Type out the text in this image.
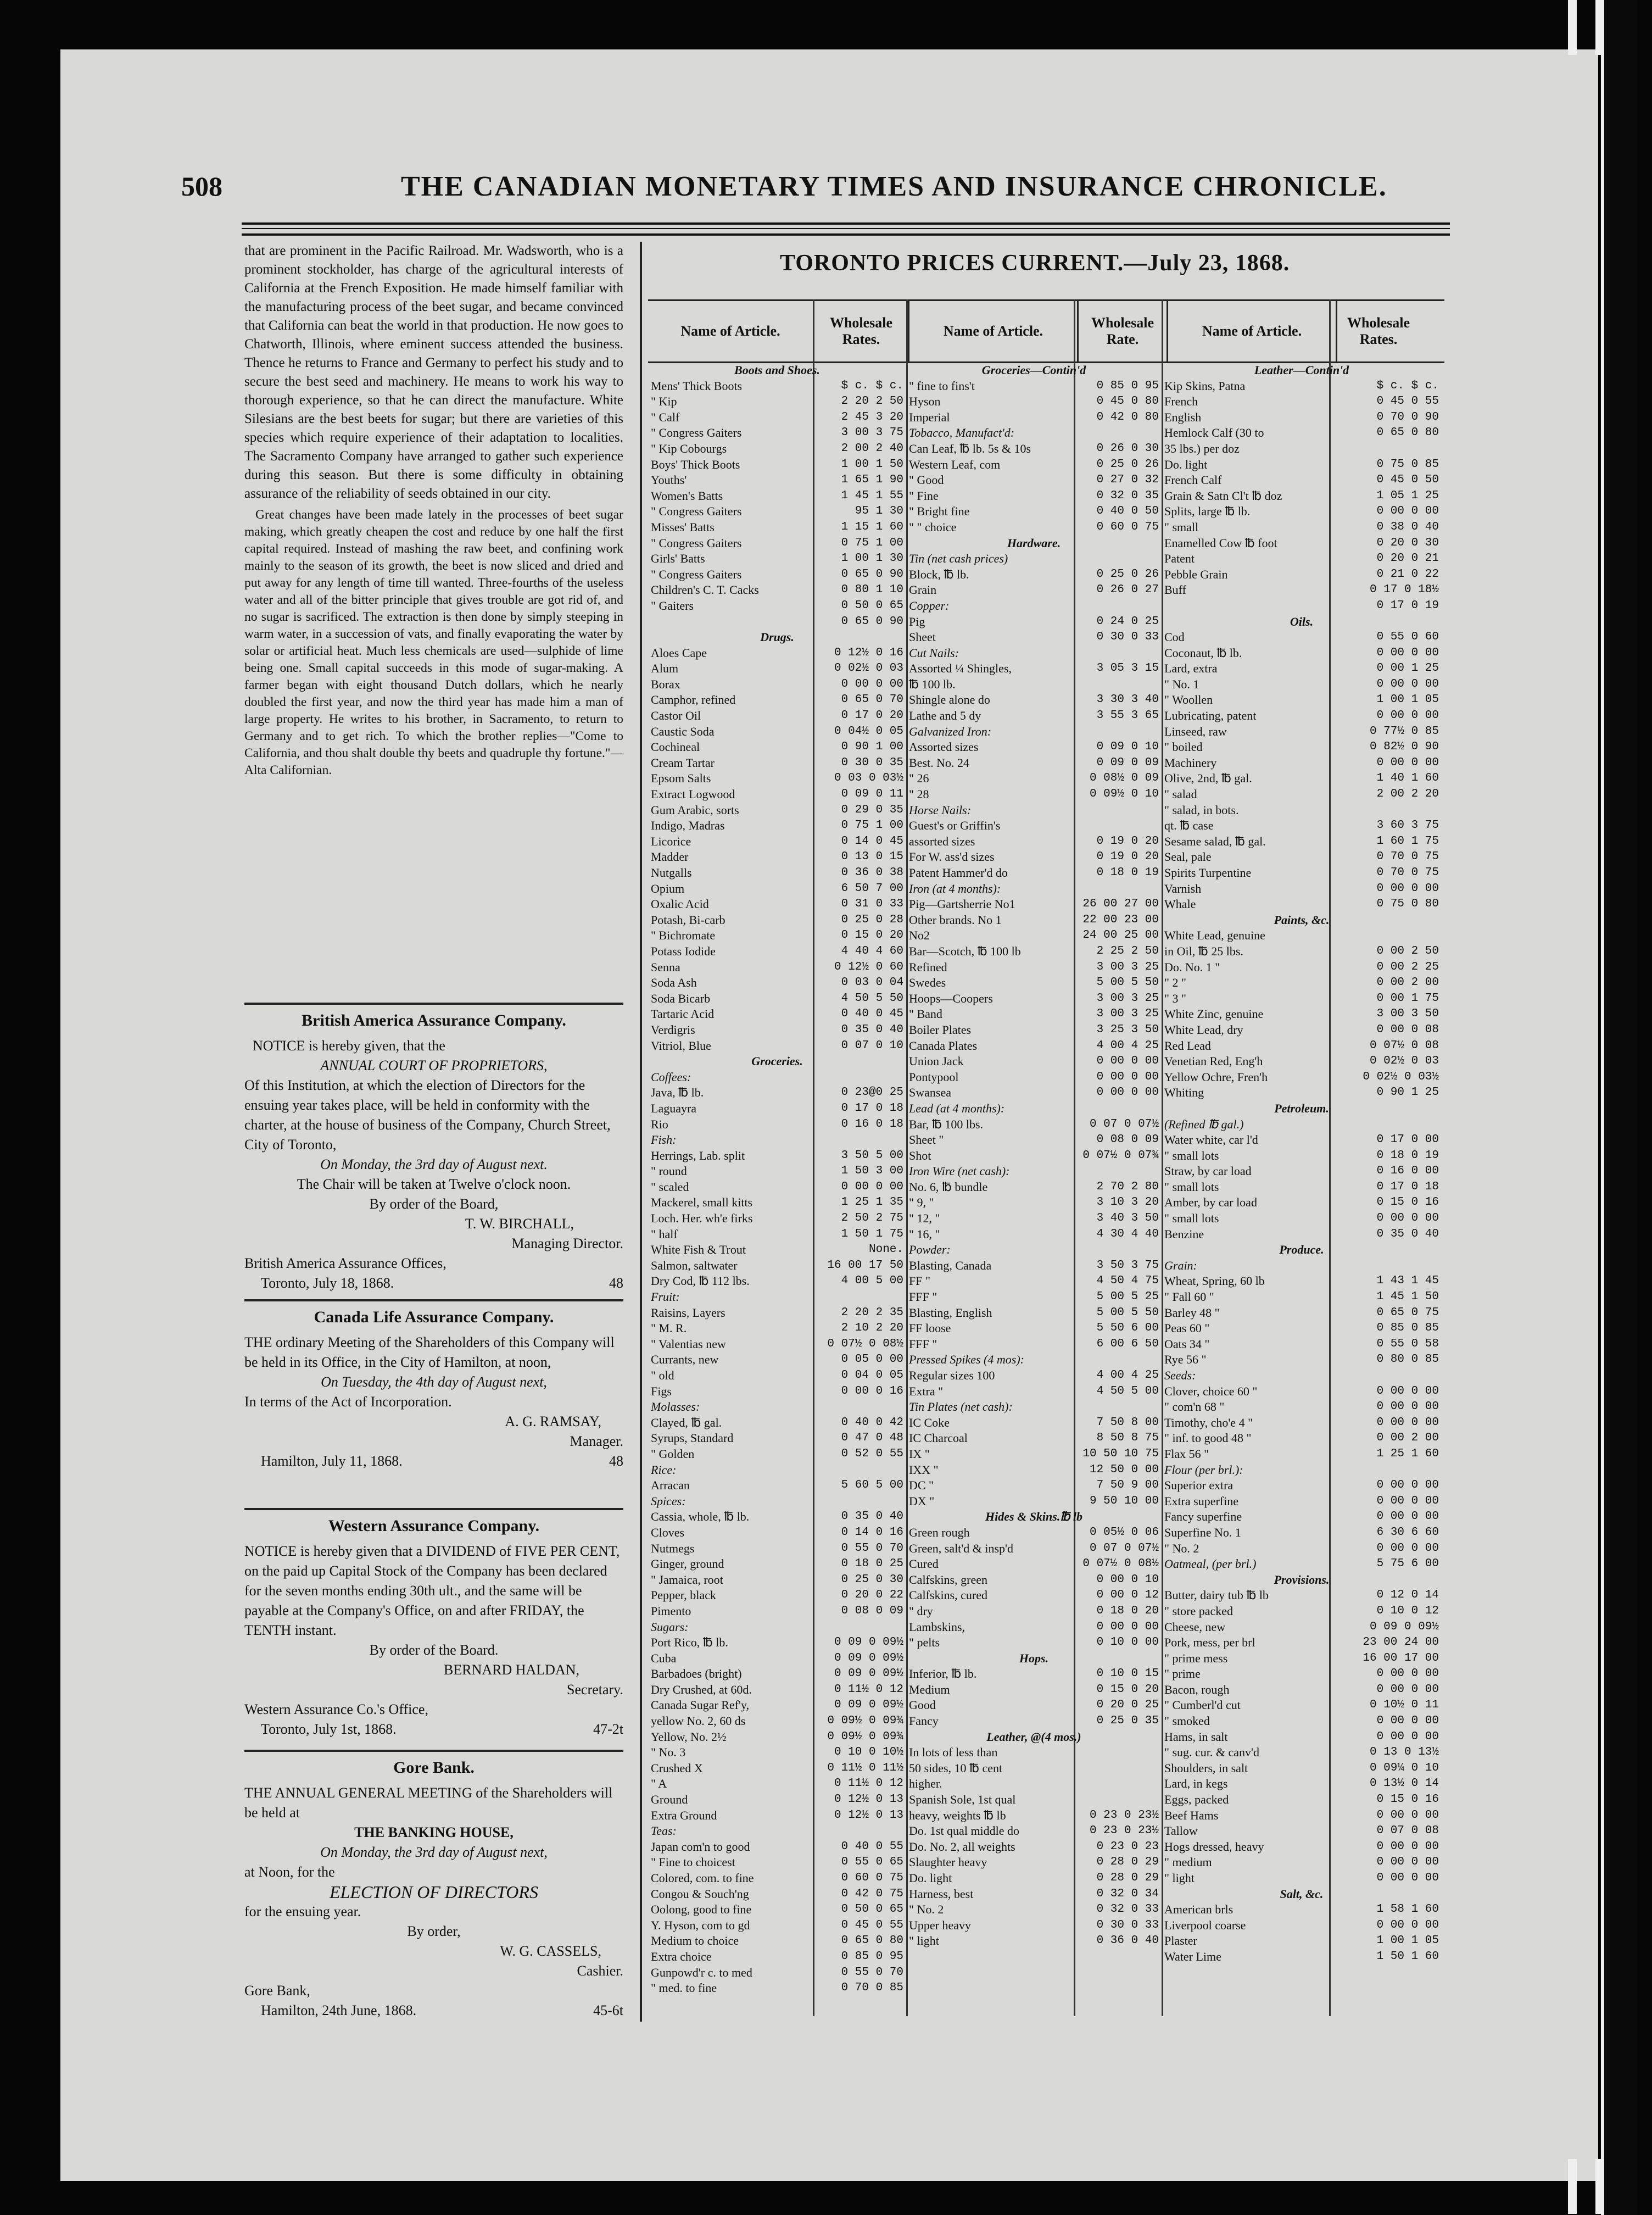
508	THE CANADIAN MONETARY TIMES AND INSURANCE CHRONICLE.

that are prominent in the Pacific Railroad. Mr. Wadsworth, who is a prominent stockholder, has charge of the agricultural interests of California at the French Exposition. He made himself familiar with the manufacturing process of the beet sugar, and became convinced that California can beat the world in that production. He now goes to Chatworth, Illinois, where eminent success attended the business. Thence he returns to France and Germany to perfect his study and to secure the best seed and machinery. He means to work his way to thorough experience, so that he can direct the manufacture. White Silesians are the best beets for sugar; but there are varieties of this species which require experience of their adaptation to localities. The Sacramento Company have arranged to gather such experience during this season. But there is some difficulty in obtaining assurance of the reliability of seeds obtained in our city.

Great changes have been made lately in the processes of beet sugar making, which greatly cheapen the cost and reduce by one half the first capital required. Instead of mashing the raw beet, and confining work mainly to the season of its growth, the beet is now sliced and dried and put away for any length of time till wanted. Three-fourths of the useless water and all of the bitter principle that gives trouble are got rid of, and no sugar is sacrificed. The extraction is then done by simply steeping in warm water, in a succession of vats, and finally evaporating the water by solar or artificial heat. Much less chemicals are used—sulphide of lime being one. Small capital succeeds in this mode of sugar-making. A farmer began with eight thousand Dutch dollars, which he nearly doubled the first year, and now the third year has made him a man of large property. He writes to his brother, in Sacramento, to return to Germany and to get rich. To which the brother replies—"Come to California, and thou shalt double thy beets and quadruple thy fortune."—Alta Californian.

British America Assurance Company.
NOTICE is hereby given, that the
ANNUAL COURT OF PROPRIETORS,
Of this Institution, at which the election of Directors for the ensuing year takes place, will be held in conformity with the charter, at the house of business of the Company, Church Street, City of Toronto,
On Monday, the 3rd day of August next.
The Chair will be taken at Twelve o'clock noon.
By order of the Board,
T. W. BIRCHALL,
Managing Director.
British America Assurance Offices,
Toronto, July 18, 1868.	48
Canada Life Assurance Company.
THE ordinary Meeting of the Shareholders of this Company will be held in its Office, in the City of Hamilton, at noon,
On Tuesday, the 4th day of August next,
In terms of the Act of Incorporation.
A. G. RAMSAY,
Manager.
Hamilton, July 11, 1868.	48
Western Assurance Company.
NOTICE is hereby given that a DIVIDEND of FIVE PER CENT, on the paid up Capital Stock of the Company has been declared for the seven months ending 30th ult., and the same will be payable at the Company's Office, on and after FRIDAY, the TENTH instant.
By order of the Board.
BERNARD HALDAN,
Secretary.
Western Assurance Co.'s Office,
Toronto, July 1st, 1868.	47-2t
Gore Bank.
THE ANNUAL GENERAL MEETING of the Shareholders will be held at
THE BANKING HOUSE,
On Monday, the 3rd day of August next,
at Noon, for the
ELECTION OF DIRECTORS
for the ensuing year.
By order,
W. G. CASSELS,
Cashier.
Gore Bank,
Hamilton, 24th June, 1868.	45-6t
TORONTO PRICES CURRENT.—July 23, 1868.
Name of Article.
Wholesale Rates.
Name of Article.
Wholesale Rate.
Name of Article.
Wholesale Rates.
Boots and Shoes.
Mens' Thick Boots	$ c. $ c.
" Kip	2 20 2 50
" Calf	2 45 3 20
" Congress Gaiters	3 00 3 75
" Kip Cobourgs	2 00 2 40
Boys' Thick Boots	1 00 1 50
Youths'	1 65 1 90
Women's Batts	1 45 1 55
" Congress Gaiters	95 1 30
Misses' Batts	1 15 1 60
" Congress Gaiters	0 75 1 00
Girls' Batts	1 00 1 30
" Congress Gaiters	0 65 0 90
Children's C. T. Cacks	0 80 1 10
" Gaiters	0 50 0 65
0 65 0 90
Drugs.
Aloes Cape	0 12½ 0 16
Alum	0 02½ 0 03
Borax	0 00 0 00
Camphor, refined	0 65 0 70
Castor Oil	0 17 0 20
Caustic Soda	0 04½ 0 05
Cochineal	0 90 1 00
Cream Tartar	0 30 0 35
Epsom Salts	0 03 0 03½
Extract Logwood	0 09 0 11
Gum Arabic, sorts	0 29 0 35
Indigo, Madras	0 75 1 00
Licorice	0 14 0 45
Madder	0 13 0 15
Nutgalls	0 36 0 38
Opium	6 50 7 00
Oxalic Acid	0 31 0 33
Potash, Bi-carb	0 25 0 28
" Bichromate	0 15 0 20
Potass Iodide	4 40 4 60
Senna	0 12½ 0 60
Soda Ash	0 03 0 04
Soda Bicarb	4 50 5 50
Tartaric Acid	0 40 0 45
Verdigris	0 35 0 40
Vitriol, Blue	0 07 0 10
Groceries.
Coffees:
Java, ℔ lb.	0 23@0 25
Laguayra	0 17 0 18
Rio	0 16 0 18
Fish:
Herrings, Lab. split	3 50 5 00
" round	1 50 3 00
" scaled	0 00 0 00
Mackerel, small kitts	1 25 1 35
Loch. Her. wh'e firks	2 50 2 75
" half	1 50 1 75
White Fish & Trout	None.
Salmon, saltwater	16 00 17 50
Dry Cod, ℔ 112 lbs.	4 00 5 00
Fruit:
Raisins, Layers	2 20 2 35
" M. R.	2 10 2 20
" Valentias new	0 07½ 0 08½
Currants, new	0 05 0 00
" old	0 04 0 05
Figs	0 00 0 16
Molasses:
Clayed, ℔ gal.	0 40 0 42
Syrups, Standard	0 47 0 48
" Golden	0 52 0 55
Rice:
Arracan	5 60 5 00
Spices:
Cassia, whole, ℔ lb.	0 35 0 40
Cloves	0 14 0 16
Nutmegs	0 55 0 70
Ginger, ground	0 18 0 25
" Jamaica, root	0 25 0 30
Pepper, black	0 20 0 22
Pimento	0 08 0 09
Sugars:
Port Rico, ℔ lb.	0 09 0 09½
Cuba	0 09 0 09½
Barbadoes (bright)	0 09 0 09½
Dry Crushed, at 60d.	0 11½ 0 12
Canada Sugar Ref'y,	0 09 0 09½
yellow No. 2, 60 ds	0 09½ 0 09¾
Yellow, No. 2½	0 09½ 0 09¾
" No. 3	0 10 0 10½
Crushed X	0 11½ 0 11½
" A	0 11½ 0 12
Ground	0 12½ 0 13
Extra Ground	0 12½ 0 13
Teas:
Japan com'n to good	0 40 0 55
" Fine to choicest	0 55 0 65
Colored, com. to fine	0 60 0 75
Congou & Souch'ng	0 42 0 75
Oolong, good to fine	0 50 0 65
Y. Hyson, com to gd	0 45 0 55
Medium to choice	0 65 0 80
Extra choice	0 85 0 95
Gunpowd'r c. to med	0 55 0 70
" med. to fine	0 70 0 85
Groceries—Contin'd
" fine to fins't	0 85 0 95
Hyson	0 45 0 80
Imperial	0 42 0 80
Tobacco, Manufact'd:
Can Leaf, ℔ lb. 5s & 10s	0 26 0 30
Western Leaf, com	0 25 0 26
" Good	0 27 0 32
" Fine	0 32 0 35
" Bright fine	0 40 0 50
" " choice	0 60 0 75
Hardware.
Tin (net cash prices)
Block, ℔ lb.	0 25 0 26
Grain	0 26 0 27
Copper:
Pig	0 24 0 25
Sheet	0 30 0 33
Cut Nails:
Assorted ¼ Shingles,	3 05 3 15
℔ 100 lb.
Shingle alone do	3 30 3 40
Lathe and 5 dy	3 55 3 65
Galvanized Iron:
Assorted sizes	0 09 0 10
Best. No. 24	0 09 0 09
" 26	0 08½ 0 09
" 28	0 09½ 0 10
Horse Nails:
Guest's or Griffin's
assorted sizes	0 19 0 20
For W. ass'd sizes	0 19 0 20
Patent Hammer'd do	0 18 0 19
Iron (at 4 months):
Pig—Gartsherrie No1	26 00 27 00
Other brands. No 1	22 00 23 00
No2	24 00 25 00
Bar—Scotch, ℔ 100 lb	2 25 2 50
Refined	3 00 3 25
Swedes	5 00 5 50
Hoops—Coopers	3 00 3 25
" Band	3 00 3 25
Boiler Plates	3 25 3 50
Canada Plates	4 00 4 25
Union Jack	0 00 0 00
Pontypool	0 00 0 00
Swansea	0 00 0 00
Lead (at 4 months):
Bar, ℔ 100 lbs.	0 07 0 07½
Sheet "	0 08 0 09
Shot	0 07½ 0 07¾
Iron Wire (net cash):
No. 6, ℔ bundle	2 70 2 80
" 9, "	3 10 3 20
" 12, "	3 40 3 50
" 16, "	4 30 4 40
Powder:
Blasting, Canada	3 50 3 75
FF "	4 50 4 75
FFF "	5 00 5 25
Blasting, English	5 00 5 50
FF loose	5 50 6 00
FFF "	6 00 6 50
Pressed Spikes (4 mos):
Regular sizes 100	4 00 4 25
Extra "	4 50 5 00
Tin Plates (net cash):
IC Coke	7 50 8 00
IC Charcoal	8 50 8 75
IX "	10 50 10 75
IXX "	12 50 0 00
DC "	7 50 9 00
DX "	9 50 10 00
Hides & Skins.℔ lb
Green rough	0 05½ 0 06
Green, salt'd & insp'd	0 07 0 07½
Cured	0 07½ 0 08½
Calfskins, green	0 00 0 10
Calfskins, cured	0 00 0 12
" dry	0 18 0 20
Lambskins,	0 00 0 00
" pelts	0 10 0 00
Hops.
Inferior, ℔ lb.	0 10 0 15
Medium	0 15 0 20
Good	0 20 0 25
Fancy	0 25 0 35
Leather, @(4 mos.)
In lots of less than
50 sides, 10 ℔ cent
higher.
Spanish Sole, 1st qual
heavy, weights ℔ lb	0 23 0 23½
Do. 1st qual middle do	0 23 0 23½
Do. No. 2, all weights	0 23 0 23
Slaughter heavy	0 28 0 29
Do. light	0 28 0 29
Harness, best	0 32 0 34
" No. 2	0 32 0 33
Upper heavy	0 30 0 33
" light	0 36 0 40
Leather—Contin'd
Kip Skins, Patna	$ c. $ c.
French	0 45 0 55
English	0 70 0 90
Hemlock Calf (30 to	0 65 0 80
35 lbs.) per doz
Do. light	0 75 0 85
French Calf	0 45 0 50
Grain & Satn Cl't ℔ doz	1 05 1 25
Splits, large ℔ lb.	0 00 0 00
" small	0 38 0 40
Enamelled Cow ℔ foot	0 20 0 30
Patent	0 20 0 21
Pebble Grain	0 21 0 22
Buff	0 17 0 18½
0 17 0 19
Oils.
Cod	0 55 0 60
Coconaut, ℔ lb.	0 00 0 00
Lard, extra	0 00 1 25
" No. 1	0 00 0 00
" Woollen	1 00 1 05
Lubricating, patent	0 00 0 00
Linseed, raw	0 77½ 0 85
" boiled	0 82½ 0 90
Machinery	0 00 0 00
Olive, 2nd, ℔ gal.	1 40 1 60
" salad	2 00 2 20
" salad, in bots.
qt. ℔ case	3 60 3 75
Sesame salad, ℔ gal.	1 60 1 75
Seal, pale	0 70 0 75
Spirits Turpentine	0 70 0 75
Varnish	0 00 0 00
Whale	0 75 0 80
Paints, &c.
White Lead, genuine
in Oil, ℔ 25 lbs.	0 00 2 50
Do. No. 1 "	0 00 2 25
" 2 "	0 00 2 00
" 3 "	0 00 1 75
White Zinc, genuine	3 00 3 50
White Lead, dry	0 00 0 08
Red Lead	0 07½ 0 08
Venetian Red, Eng'h	0 02½ 0 03
Yellow Ochre, Fren'h	0 02½ 0 03½
Whiting	0 90 1 25
Petroleum.
(Refined ℔ gal.)
Water white, car l'd	0 17 0 00
" small lots	0 18 0 19
Straw, by car load	0 16 0 00
" small lots	0 17 0 18
Amber, by car load	0 15 0 16
" small lots	0 00 0 00
Benzine	0 35 0 40
Produce.
Grain:
Wheat, Spring, 60 lb	1 43 1 45
" Fall 60 "	1 45 1 50
Barley 48 "	0 65 0 75
Peas 60 "	0 85 0 85
Oats 34 "	0 55 0 58
Rye 56 "	0 80 0 85
Seeds:
Clover, choice 60 "	0 00 0 00
" com'n 68 "	0 00 0 00
Timothy, cho'e 4 "	0 00 0 00
" inf. to good 48 "	0 00 2 00
Flax 56 "	1 25 1 60
Flour (per brl.):
Superior extra	0 00 0 00
Extra superfine	0 00 0 00
Fancy superfine	0 00 0 00
Superfine No. 1	6 30 6 60
" No. 2	0 00 0 00
Oatmeal, (per brl.)	5 75 6 00
Provisions.
Butter, dairy tub ℔ lb	0 12 0 14
" store packed	0 10 0 12
Cheese, new	0 09 0 09½
Pork, mess, per brl	23 00 24 00
" prime mess	16 00 17 00
" prime	0 00 0 00
Bacon, rough	0 00 0 00
" Cumberl'd cut	0 10½ 0 11
" smoked	0 00 0 00
Hams, in salt	0 00 0 00
" sug. cur. & canv'd	0 13 0 13½
Shoulders, in salt	0 09¼ 0 10
Lard, in kegs	0 13½ 0 14
Eggs, packed	0 15 0 16
Beef Hams	0 00 0 00
Tallow	0 07 0 08
Hogs dressed, heavy	0 00 0 00
" medium	0 00 0 00
" light	0 00 0 00
Salt, &c.
American brls	1 58 1 60
Liverpool coarse	0 00 0 00
Plaster	1 00 1 05
Water Lime	1 50 1 60
